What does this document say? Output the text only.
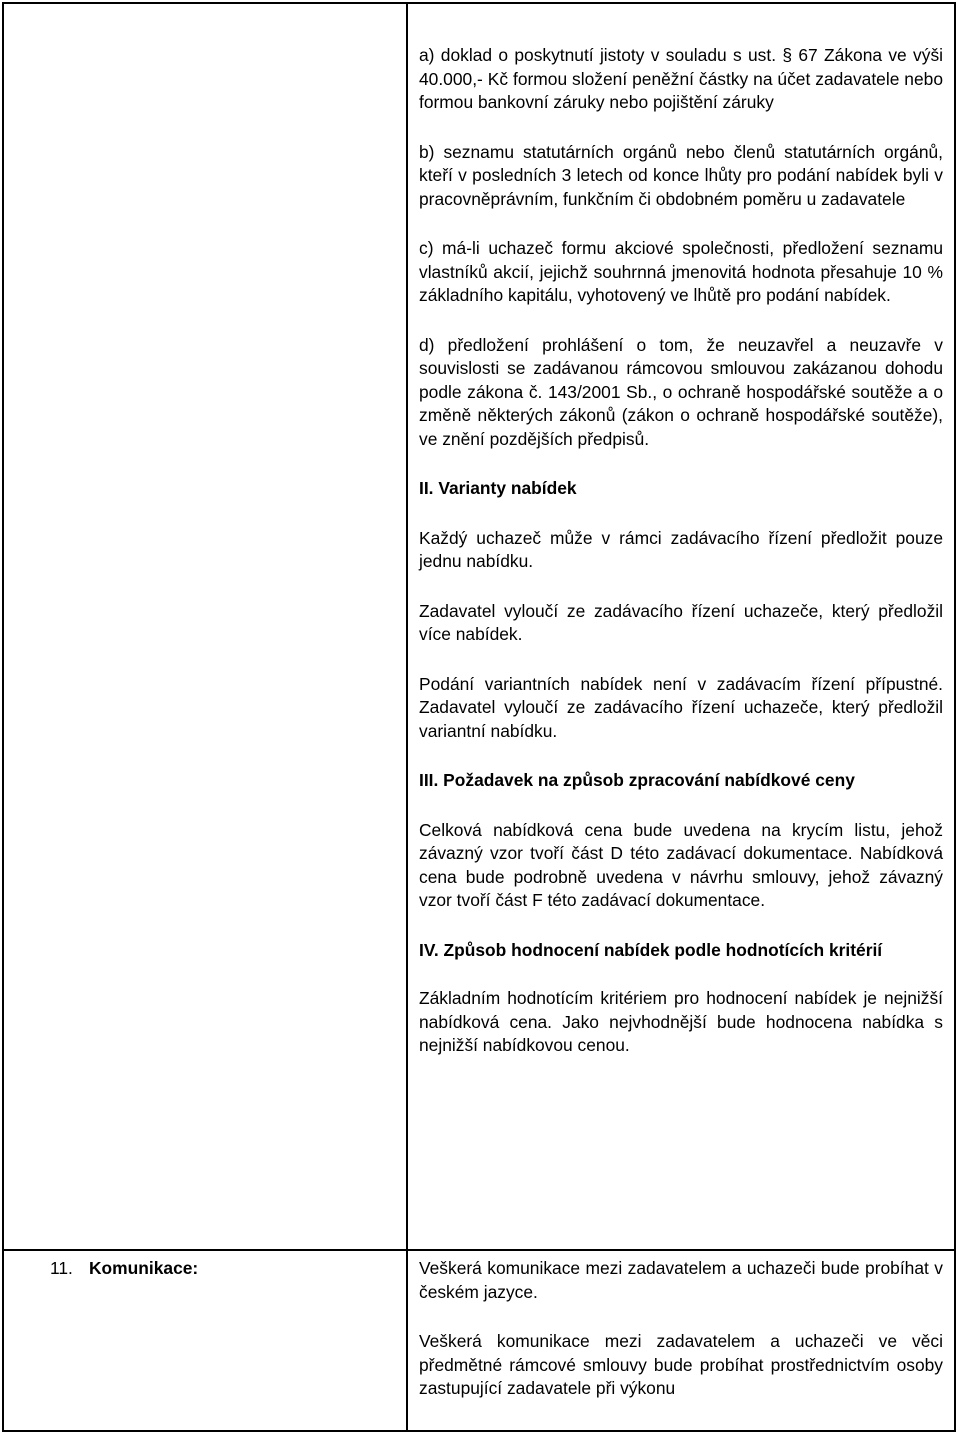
a) doklad o poskytnutí jistoty v souladu s ust. § 67 Zákona ve výši 40.000,- Kč formou složení peněžní částky na účet zadavatele nebo formou bankovní záruky nebo pojištění záruky

b) seznamu statutárních orgánů nebo členů statutárních orgánů, kteří v posledních 3 letech od konce lhůty pro podání nabídek byli v pracovněprávním, funkčním či obdobném poměru u zadavatele

c) má-li uchazeč formu akciové společnosti, předložení seznamu vlastníků akcií, jejichž souhrnná jmenovitá hodnota přesahuje 10 % základního kapitálu, vyhotovený ve lhůtě pro podání nabídek.

d) předložení prohlášení o tom, že neuzavřel a neuzavře v souvislosti se zadávanou rámcovou smlouvou zakázanou dohodu podle zákona č. 143/2001 Sb., o ochraně hospodářské soutěže a o změně některých zákonů (zákon o ochraně hospodářské soutěže), ve znění pozdějších předpisů.

II. Varianty nabídek

Každý uchazeč může v rámci zadávacího řízení předložit pouze jednu nabídku.

Zadavatel vyloučí ze zadávacího řízení uchazeče, který předložil více nabídek.

Podání variantních nabídek není v zadávacím řízení přípustné. Zadavatel vyloučí ze zadávacího řízení uchazeče, který předložil variantní nabídku.

III. Požadavek na způsob zpracování nabídkové ceny

Celková nabídková cena bude uvedena na krycím listu, jehož závazný vzor tvoří část D této zadávací dokumentace. Nabídková cena bude podrobně uvedena v návrhu smlouvy, jehož závazný vzor tvoří část F této zadávací dokumentace.

IV. Způsob hodnocení nabídek podle hodnotících kritérií

Základním hodnotícím kritériem pro hodnocení nabídek je nejnižší nabídková cena. Jako nejvhodnější bude hodnocena nabídka s nejnižší nabídkovou cenou.

11. Komunikace:	Veškerá komunikace mezi zadavatelem a uchazeči bude probíhat v českém jazyce.

Veškerá komunikace mezi zadavatelem a uchazeči ve věci předmětné rámcové smlouvy bude probíhat prostřednictvím osoby zastupující zadavatele při výkonu
